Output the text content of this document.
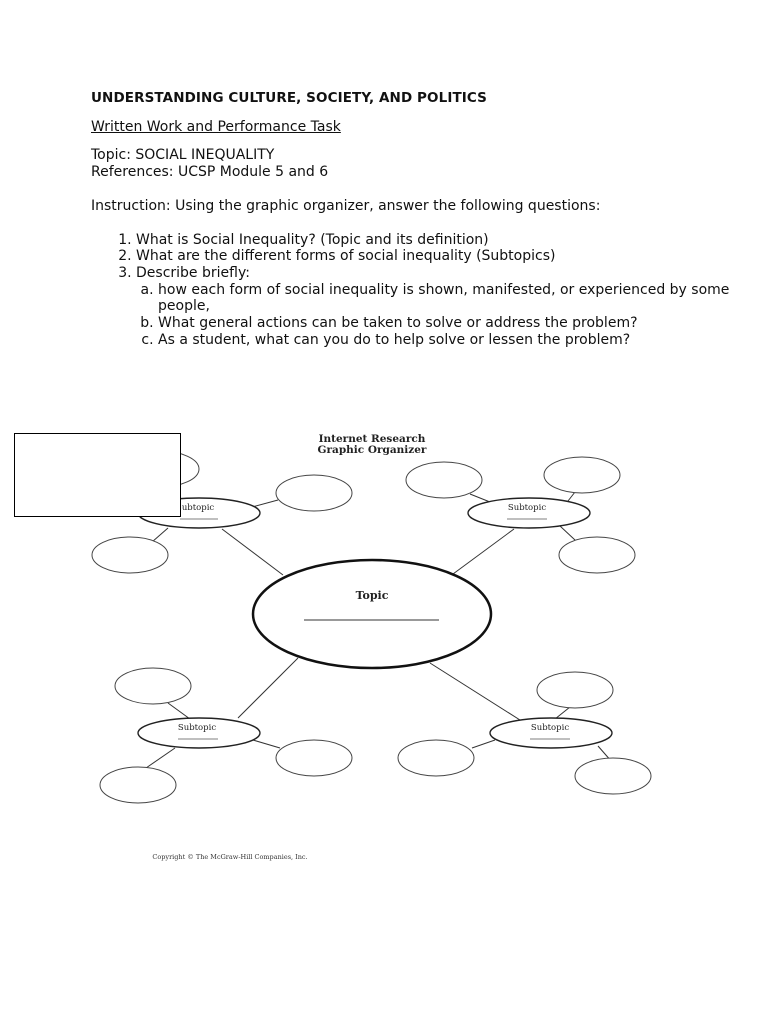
UNDERSTANDING CULTURE, SOCIETY, AND POLITICS

Written Work and Performance Task
Topic: SOCIAL INEQUALITY
References: UCSP Module 5 and 6
Instruction: Using the graphic organizer, answer the following questions:
1. What is Social Inequality? (Topic and its definition)
2. What are the different forms of social inequality (Subtopics)
3. Describe briefly:
a. how each form of social inequality is shown, manifested, or experienced by some people,
b. What general actions can be taken to solve or address the problem?
c. As a student, what can you do to help solve or lessen the problem?
Internet Research
Graphic Organizer
Topic
ubtopic	Subtopic
Subtopic	Subtopic
Copyright © The McGraw-Hill Companies, Inc.
